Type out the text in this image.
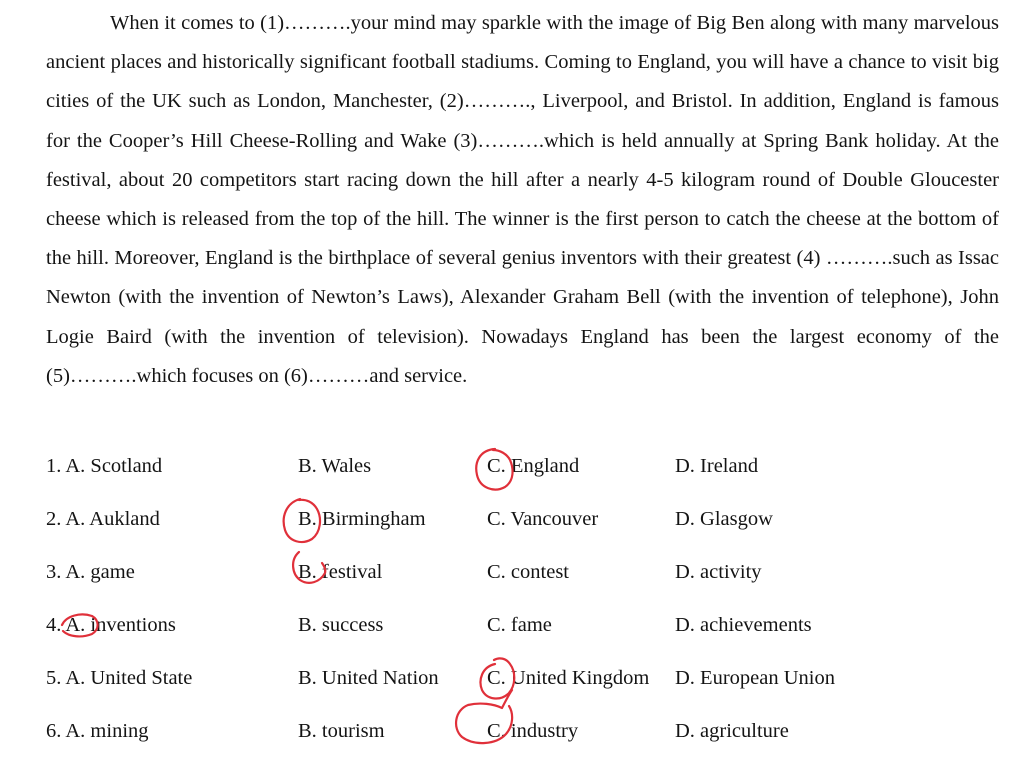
When it comes to (1)……….your mind may sparkle with the image of Big Ben along with many marvelous ancient places and historically significant football stadiums. Coming to England, you will have a chance to visit big cities of the UK such as London, Manchester, (2)………., Liverpool, and Bristol. In addition, England is famous for the Cooper’s Hill Cheese-Rolling and Wake (3)……….which is held annually at Spring Bank holiday. At the festival, about 20 competitors start racing down the hill after a nearly 4-5 kilogram round of Double Gloucester cheese which is released from the top of the hill. The winner is the first person to catch the cheese at the bottom of the hill. Moreover, England is the birthplace of several genius inventors with their greatest (4) ……….such as Issac Newton (with the invention of Newton’s Laws), Alexander Graham Bell (with the invention of telephone), John Logie Baird (with the invention of television). Nowadays England has been the largest economy of the (5)……….which focuses on (6)………and service.

1. A. Scotland	B. Wales	C. England	D. Ireland
2. A. Aukland	B. Birmingham	C. Vancouver	D. Glasgow
3. A. game	B. festival	C. contest	D. activity
4. A. inventions	B. success	C. fame	D. achievements
5. A. United State	B. United Nation C. United Kingdom D. European Union
6. A. mining	B. tourism	C. industry	D. agriculture
